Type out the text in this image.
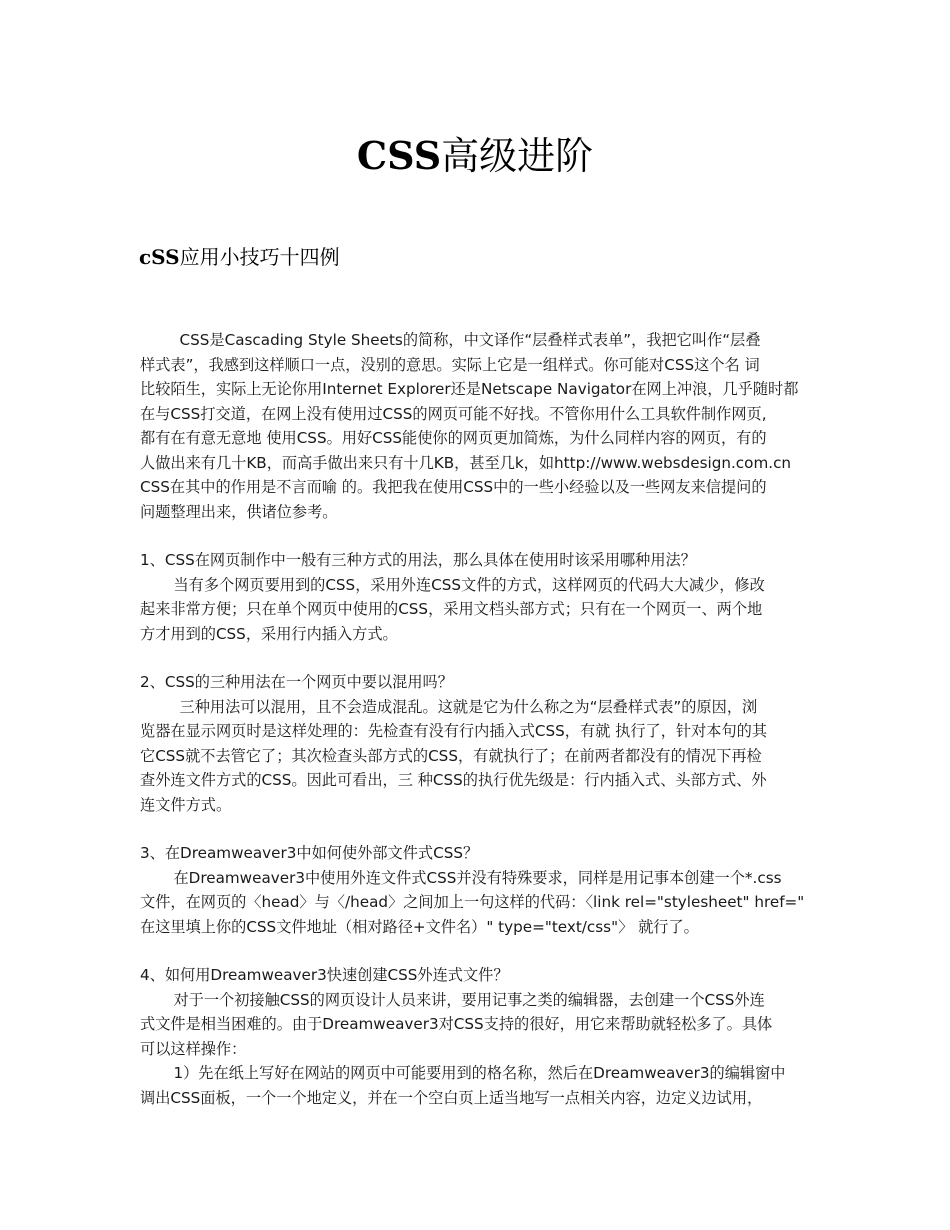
CSS高级进阶
cSS应用小技巧十四例
CSS是Cascading Style Sheets的简称，中文译作“层叠样式表单”，我把它叫作“层叠
样式表”，我感到这样顺口一点，没别的意思。实际上它是一组样式。你可能对CSS这个名 词
比较陌生，实际上无论你用Internet Explorer还是Netscape Navigator在网上冲浪，几乎随时都
在与CSS打交道，在网上没有使用过CSS的网页可能不好找。不管你用什么工具软件制作网页,
都有在有意无意地 使用CSS。用好CSS能使你的网页更加简炼，为什么同样内容的网页，有的
人做出来有几十KB，而高手做出来只有十几KB，甚至几k，如http://www.websdesign.com.cn
CSS在其中的作用是不言而喻 的。我把我在使用CSS中的一些小经验以及一些网友来信提问的
问题整理出来，供诸位参考。
1、CSS在网页制作中一般有三种方式的用法，那么具体在使用时该采用哪种用法？
当有多个网页要用到的CSS，采用外连CSS文件的方式，这样网页的代码大大减少，修改
起来非常方便；只在单个网页中使用的CSS，采用文档头部方式；只有在一个网页一、两个地
方才用到的CSS，采用行内插入方式。
2、CSS的三种用法在一个网页中要以混用吗？
三种用法可以混用，且不会造成混乱。这就是它为什么称之为“层叠样式表”的原因，浏
览器在显示网页时是这样处理的：先检查有没有行内插入式CSS，有就 执行了，针对本句的其
它CSS就不去管它了；其次检查头部方式的CSS，有就执行了；在前两者都没有的情况下再检
查外连文件方式的CSS。因此可看出，三 种CSS的执行优先级是：行内插入式、头部方式、外
连文件方式。
3、在Dreamweaver3中如何使外部文件式CSS？
在Dreamweaver3中使用外连文件式CSS并没有特殊要求，同样是用记事本创建一个*.css
文件，在网页的〈head〉与〈/head〉之间加上一句这样的代码：〈link rel="stylesheet" href="
在这里填上你的CSS文件地址（相对路径+文件名）" type="text/css"〉 就行了。
4、如何用Dreamweaver3快速创建CSS外连式文件？
对于一个初接触CSS的网页设计人员来讲，要用记事之类的编辑器，去创建一个CSS外连
式文件是相当困难的。由于Dreamweaver3对CSS支持的很好，用它来帮助就轻松多了。具体
可以这样操作：
1）先在纸上写好在网站的网页中可能要用到的格名称，然后在Dreamweaver3的编辑窗中
调出CSS面板，一个一个地定义，并在一个空白页上适当地写一点相关内容，边定义边试用，
